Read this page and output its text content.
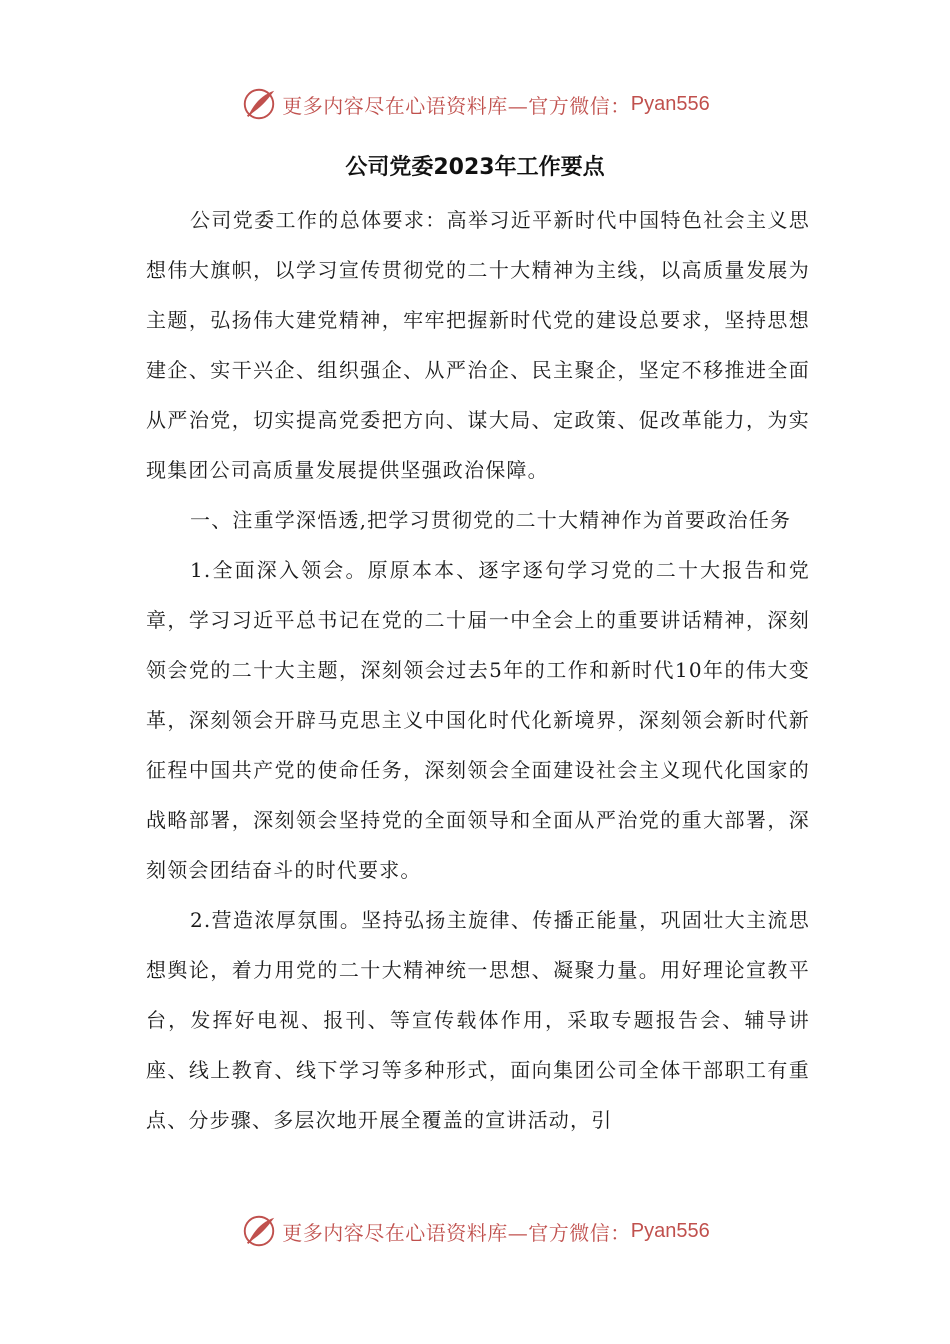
更多内容尽在心语资料库—官方微信： Pyan556
公司党委2023年工作要点

公司党委工作的总体要求：高举习近平新时代中国特色社会主义思想伟大旗帜，以学习宣传贯彻党的二十大精神为主线，以高质量发展为主题，弘扬伟大建党精神，牢牢把握新时代党的建设总要求，坚持思想建企、实干兴企、组织强企、从严治企、民主聚企，坚定不移推进全面从严治党，切实提高党委把方向、谋大局、定政策、促改革能力，为实现集团公司高质量发展提供坚强政治保障。

一、注重学深悟透,把学习贯彻党的二十大精神作为首要政治任务

1.全面深入领会。原原本本、逐字逐句学习党的二十大报告和党章，学习习近平总书记在党的二十届一中全会上的重要讲话精神，深刻领会党的二十大主题，深刻领会过去5年的工作和新时代10年的伟大变革，深刻领会开辟马克思主义中国化时代化新境界，深刻领会新时代新征程中国共产党的使命任务，深刻领会全面建设社会主义现代化国家的战略部署，深刻领会坚持党的全面领导和全面从严治党的重大部署，深刻领会团结奋斗的时代要求。

2.营造浓厚氛围。坚持弘扬主旋律、传播正能量，巩固壮大主流思想舆论，着力用党的二十大精神统一思想、凝聚力量。用好理论宣教平台，发挥好电视、报刊、等宣传载体作用，采取专题报告会、辅导讲座、线上教育、线下学习等多种形式，面向集团公司全体干部职工有重点、分步骤、多层次地开展全覆盖的宣讲活动，引

更多内容尽在心语资料库—官方微信： Pyan556
